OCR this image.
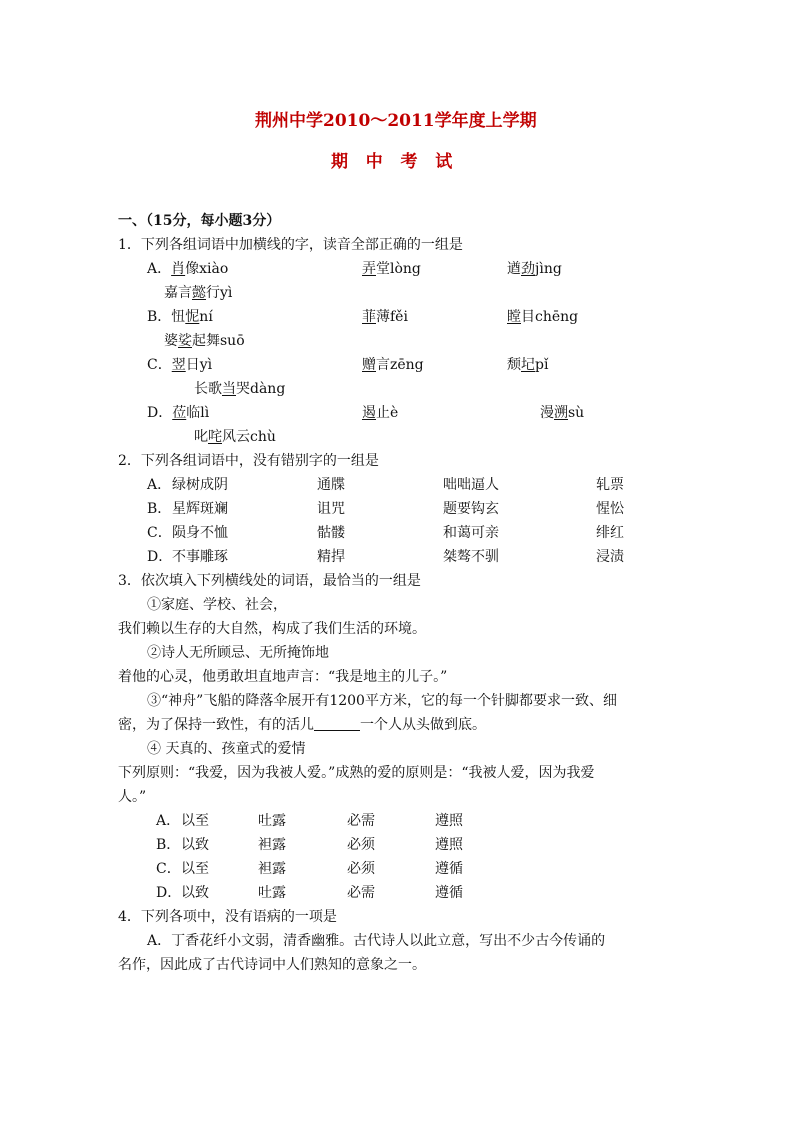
荆州中学2010～2011学年度上学期
期   中   考   试
一、（15分，每小题3分）
1．下列各组词语中加横线的字，读音全部正确的一组是
A．肖像xiào	弄堂lòng	遒劲jìng
嘉言懿行yì
B．忸怩ní	菲薄fěi	瞠目chēng
婆娑起舞suō
C．翌日yì	赠言zēng	颓圮pǐ
长歌当哭dàng
D．莅临lì	遏止è	漫溯sù
叱咤风云chù
2．下列各组词语中，没有错别字的一组是
A． 绿树成阴	通牒	咄咄逼人	轧票
B． 星辉斑斓	诅咒	题要钩玄	惺忪
C． 陨身不恤	骷髅	和蔼可亲	绯红
D． 不事雕琢	精捍	桀骜不驯	浸渍
3．依次填入下列横线处的词语，最恰当的一组是
①家庭、学校、社会，
我们赖以生存的大自然，构成了我们生活的环境。
②诗人无所顾忌、无所掩饰地
着他的心灵，他勇敢坦直地声言：“我是地主的儿子。”
③“神舟”飞船的降落伞展开有1200平方米，它的每一个针脚都要求一致、细
密，为了保持一致性，有的活儿	一个人从头做到底。
④ 天真的、孩童式的爱情
下列原则：“我爱，因为我被人爱。”成熟的爱的原则是：“我被人爱，因为我爱
人。”
A． 以至	吐露	必需	遵照
B． 以致	袒露	必须	遵照
C． 以至	袒露	必须	遵循
D． 以致	吐露	必需	遵循
4．下列各项中，没有语病的一项是
A．丁香花纤小文弱，清香幽雅。古代诗人以此立意，写出不少古今传诵的
名作，因此成了古代诗词中人们熟知的意象之一。
